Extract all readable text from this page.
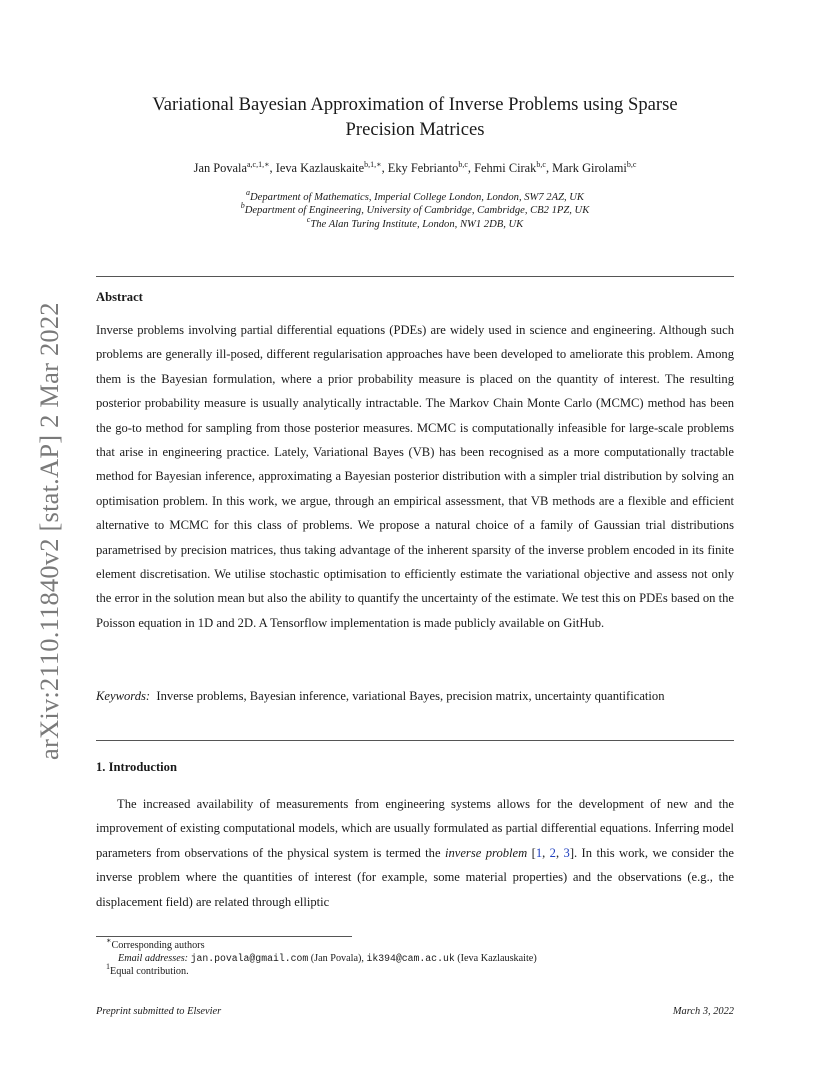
arXiv:2110.11840v2 [stat.AP] 2 Mar 2022
Variational Bayesian Approximation of Inverse Problems using Sparse
Precision Matrices
Jan Povala$^{a,c,1,∗}$, Ieva Kazlauskaite$^{b,1,∗}$, Eky Febrianto$^{b,c}$, Fehmi Cirak$^{b,c}$, Mark Girolami$^{b,c}$
$^a$Department of Mathematics, Imperial College London, London, SW7 2AZ, UK
$^b$Department of Engineering, University of Cambridge, Cambridge, CB2 1PZ, UK
$^c$The Alan Turing Institute, London, NW1 2DB, UK
Abstract
Inverse problems involving partial differential equations (PDEs) are widely used in science and engineering. Although such problems are generally ill-posed, different regularisation approaches have been developed to ameliorate this problem. Among them is the Bayesian formulation, where a prior probability measure is placed on the quantity of interest. The resulting posterior probability measure is usually analytically intractable. The Markov Chain Monte Carlo (MCMC) method has been the go-to method for sampling from those posterior measures. MCMC is computationally infeasible for large-scale problems that arise in engineering practice. Lately, Variational Bayes (VB) has been recognised as a more computationally tractable method for Bayesian inference, approximating a Bayesian posterior distribution with a simpler trial distribution by solving an optimisation problem. In this work, we argue, through an empirical assessment, that VB methods are a flexible and efficient alternative to MCMC for this class of problems. We propose a natural choice of a family of Gaussian trial distributions parametrised by precision matrices, thus taking advantage of the inherent sparsity of the inverse problem encoded in its finite element discretisation. We utilise stochastic optimisation to efficiently estimate the variational objective and assess not only the error in the solution mean but also the ability to quantify the uncertainty of the estimate. We test this on PDEs based on the Poisson equation in 1D and 2D. A Tensorflow implementation is made publicly available on GitHub.
Keywords: Inverse problems, Bayesian inference, variational Bayes, precision matrix, uncertainty quantification
1. Introduction
The increased availability of measurements from engineering systems allows for the development of new and the improvement of existing computational models, which are usually formulated as partial differential equations. Inferring model parameters from observations of the physical system is termed the inverse problem [1, 2, 3]. In this work, we consider the inverse problem where the quantities of interest (for example, some material properties) and the observations (e.g., the displacement field) are related through elliptic
∗Corresponding authors
Email addresses: jan.povala@gmail.com (Jan Povala), ik394@cam.ac.uk (Ieva Kazlauskaite)
$^1$Equal contribution.
Preprint submitted to Elsevier	March 3, 2022
